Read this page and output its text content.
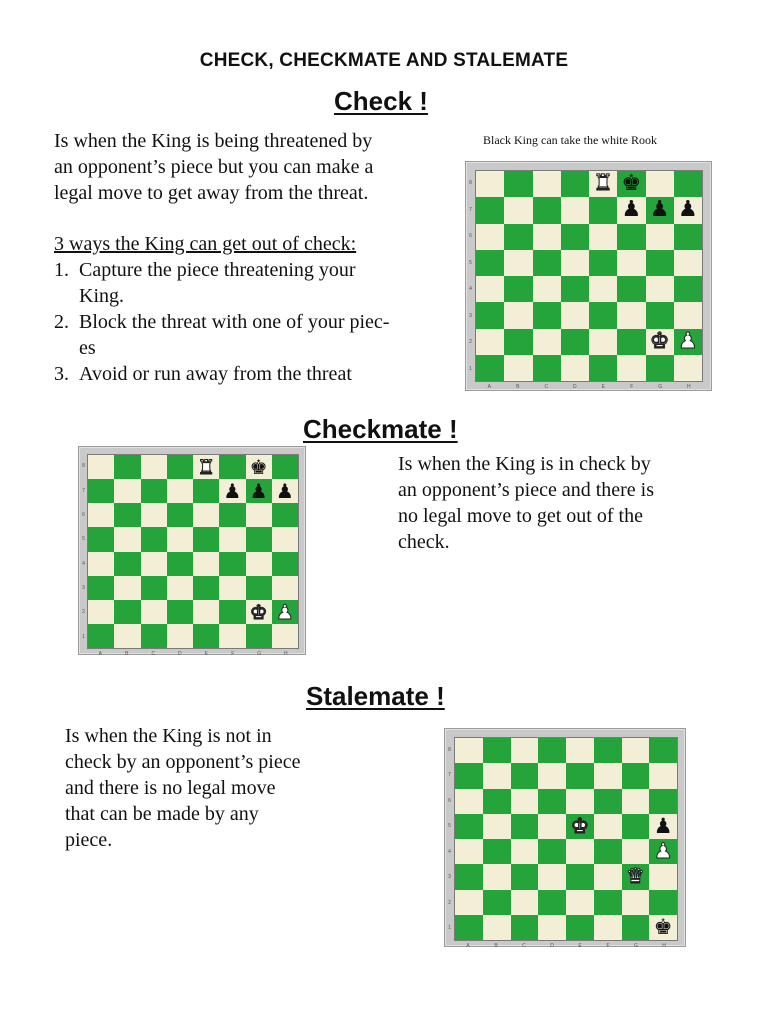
CHECK, CHECKMATE AND STALEMATE
Check !
Is when the King is being threatened by
an opponent’s piece but you can make a
legal move to get away from the threat.
3 ways the King can get out of check:
1. Capture the piece threatening your
King.
2. Block the threat with one of your piec-
es
3. Avoid or run away from the threat
Black King can take the white Rook
♜ ♚
♟ ♟ ♟
♚ ♟
8
7
6
5
4
3
2
1
A	B	C	D	E	F	G	H
Checkmate !
♜ ♚
♟ ♟ ♟
♚ ♟
8
7
6
5
4
3
2
1
A	B	C	D	E	F	G	H
Is when the King is in check by
an opponent’s piece and there is
no legal move to get out of the
check.
Stalemate !
Is when the King is not in
check by an opponent’s piece
and there is no legal move
that can be made by any
piece.
♚	♟
♟
♛
♚
8
7
6
5
4
3
2
1
A	B	C	D	E	F	G	H
